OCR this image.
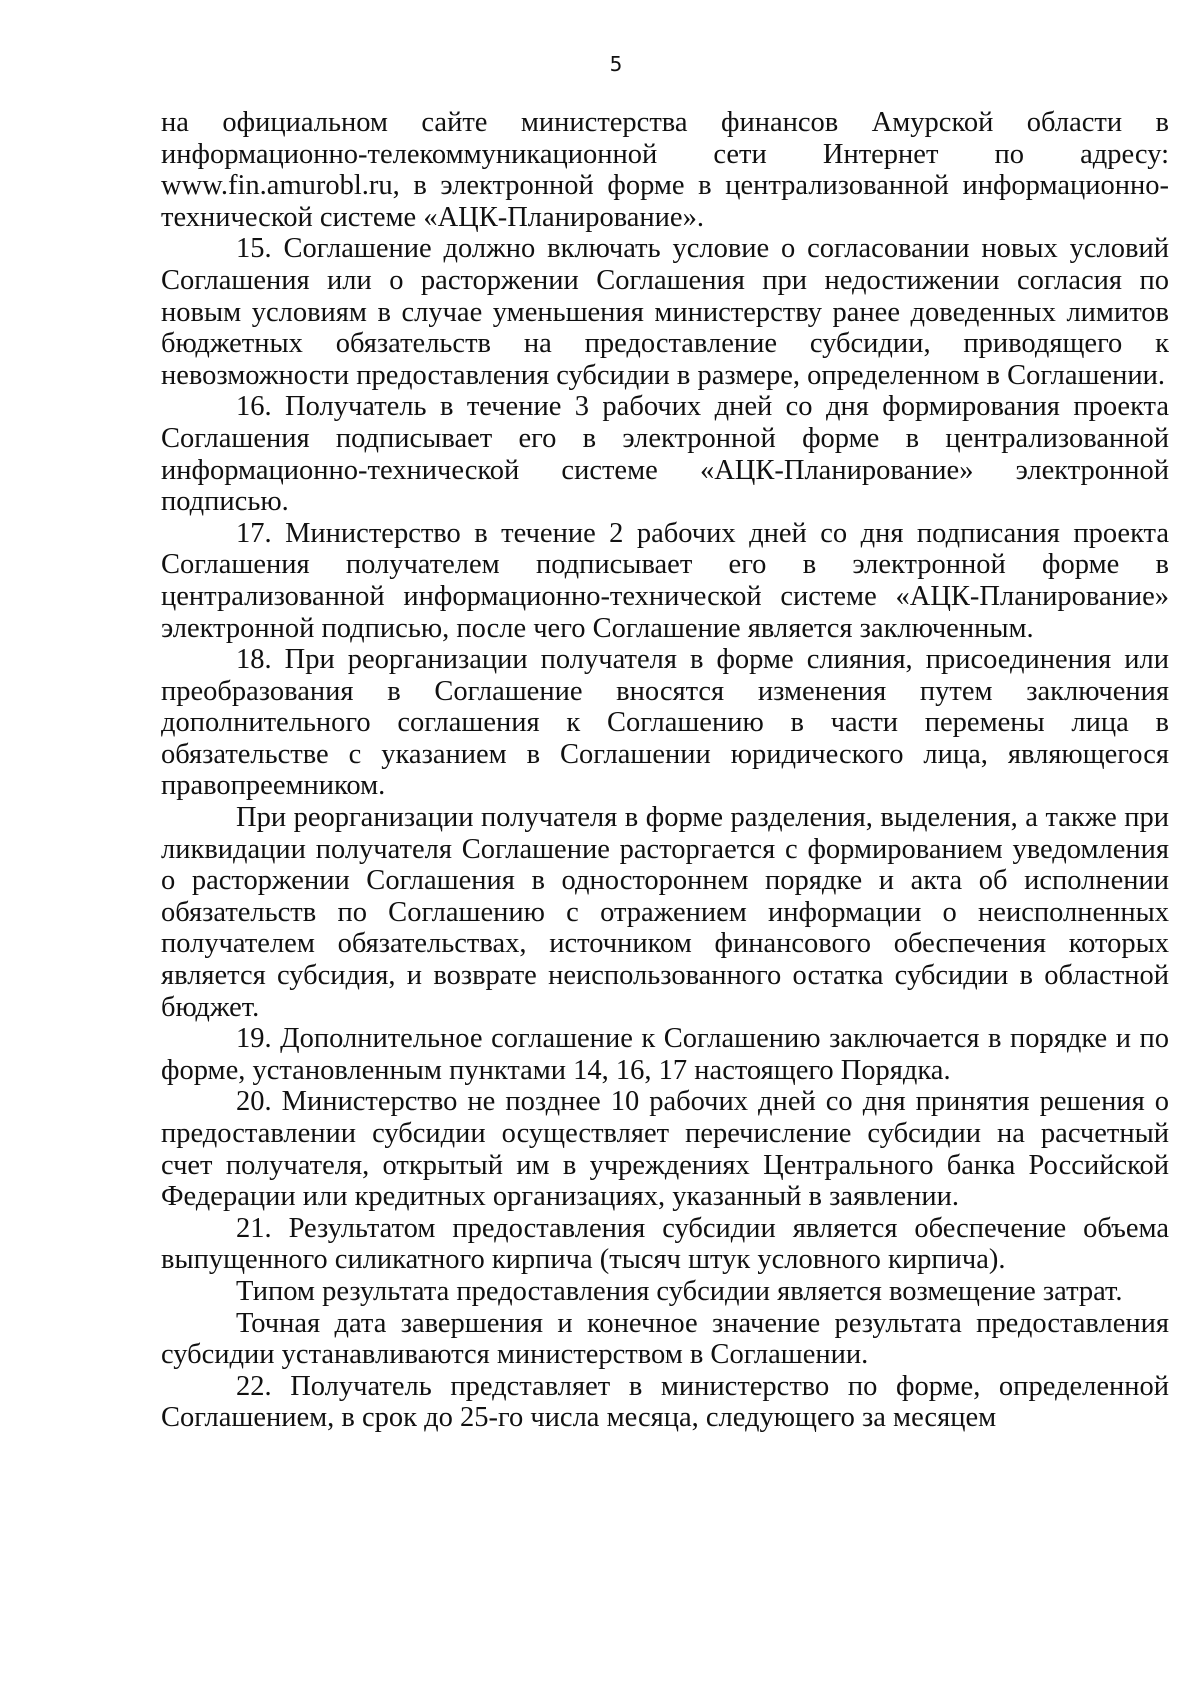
5

на официальном сайте министерства финансов Амурской области в информационно-телекоммуникационной сети Интернет по адресу: www.fin.amurobl.ru, в электронной форме в централизованной информационно-технической системе «АЦК-Планирование».

15. Соглашение должно включать условие о согласовании новых условий Соглашения или о расторжении Соглашения при недостижении согласия по новым условиям в случае уменьшения министерству ранее доведенных лимитов бюджетных обязательств на предоставление субсидии, приводящего к невозможности предоставления субсидии в размере, определенном в Соглашении.

16. Получатель в течение 3 рабочих дней со дня формирования проекта Соглашения подписывает его в электронной форме в централизованной информационно-технической системе «АЦК-Планирование» электронной подписью.

17. Министерство в течение 2 рабочих дней со дня подписания проекта Соглашения получателем подписывает его в электронной форме в централизованной информационно-технической системе «АЦК-Планирование» электронной подписью, после чего Соглашение является заключенным.

18. При реорганизации получателя в форме слияния, присоединения или преобразования в Соглашение вносятся изменения путем заключения дополнительного соглашения к Соглашению в части перемены лица в обязательстве с указанием в Соглашении юридического лица, являющегося правопреемником.

При реорганизации получателя в форме разделения, выделения, а также при ликвидации получателя Соглашение расторгается с формированием уведомления о расторжении Соглашения в одностороннем порядке и акта об исполнении обязательств по Соглашению с отражением информации о неисполненных получателем обязательствах, источником финансового обеспечения которых является субсидия, и возврате неиспользованного остатка субсидии в областной бюджет.

19. Дополнительное соглашение к Соглашению заключается в порядке и по форме, установленным пунктами 14, 16, 17 настоящего Порядка.

20. Министерство не позднее 10 рабочих дней со дня принятия решения о предоставлении субсидии осуществляет перечисление субсидии на расчетный счет получателя, открытый им в учреждениях Центрального банка Российской Федерации или кредитных организациях, указанный в заявлении.

21. Результатом предоставления субсидии является обеспечение объема выпущенного силикатного кирпича (тысяч штук условного кирпича).

Типом результата предоставления субсидии является возмещение затрат.

Точная дата завершения и конечное значение результата предоставления субсидии устанавливаются министерством в Соглашении.

22. Получатель представляет в министерство по форме, определенной Соглашением, в срок до 25-го числа месяца, следующего за месяцем
